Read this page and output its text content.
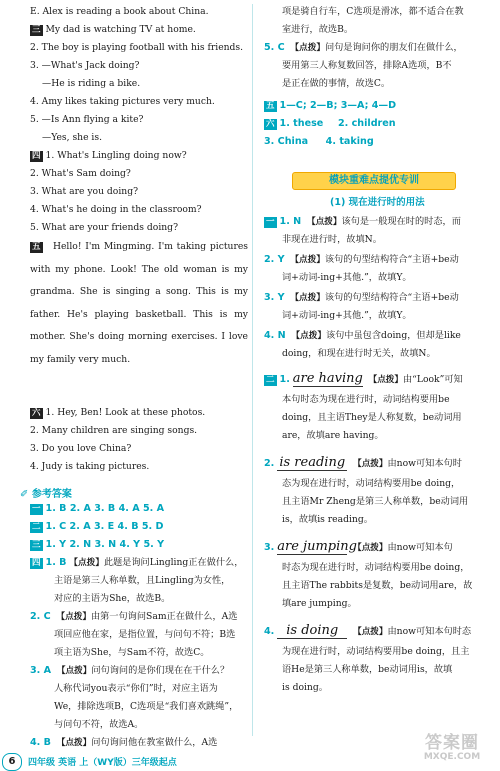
E. Alex is reading a book about China.
三 My dad is watching TV at home.
2. The boy is playing football with his friends.
3. —What's Jack doing?
—He is riding a bike.
4. Amy likes taking pictures very much.
5. —Is Ann flying a kite?
—Yes, she is.
四 1. What's Lingling doing now?
2. What's Sam doing?
3. What are you doing?
4. What's he doing in the classroom?
5. What are your friends doing?
五 Hello! I'm Mingming. I'm taking pictures with my phone. Look! The old woman is my grandma. She is singing a song. This is my father. He's playing basketball. This is my mother. She's doing morning exercises. I love my family very much.
六 1. Hey, Ben! Look at these photos.
2. Many children are singing songs.
3. Do you love China?
4. Judy is taking pictures.
✐ 参考答案
一 1. B 2. A 3. B 4. A 5. A
二 1. C 2. A 3. E 4. B 5. D
三 1. Y 2. N 3. N 4. Y 5. Y
四 1. B 【点拨】此题是询问Lingling正在做什么，
主语是第三人称单数，且Lingling为女性，
对应的主语为She，故选B。
2. C 【点拨】由第一句询问Sam正在做什么，A选
项回应他在家，是指位置，与问句不符；B选
项主语为She，与Sam不符，故选C。
3. A 【点拨】问句询问的是你们现在在干什么？
人称代词you表示“你们”时，对应主语为
We，排除选项B，C选项是“我们喜欢跳绳”，
与问句不符，故选A。
4. B 【点拨】问句询问他在教室做什么，A选
6	四年级 英语 上（WY版）三年级起点
项是骑自行车，C选项是滑冰，都不适合在教
室进行，故选B。
5. C 【点拨】问句是询问你的朋友们在做什么，
要用第三人称复数回答，排除A选项，B不
是正在做的事情，故选C。
五 1—C; 2—B; 3—A; 4—D
六 1. these 2. children
3. China 4. taking
模块重难点提优专训
(1) 现在进行时的用法
一 1. N 【点拨】该句是一般现在时的时态，而
非现在进行时，故填N。
2. Y 【点拨】该句的句型结构符合“主语+be动
词+动词-ing+其他.”，故填Y。
3. Y 【点拨】该句的句型结构符合“主语+be动
词+动词-ing+其他.”，故填Y。
4. N 【点拨】该句中虽包含doing，但却是like
doing，和现在进行时无关，故填N。
二 1. are having 【点拨】由“Look”可知
本句时态为现在进行时，动词结构要用be
doing，且主语They是人称复数，be动词用
are，故填are having。
2. is reading 【点拨】由now可知本句时
态为现在进行时，动词结构要用be doing，
且主语Mr Zheng是第三人称单数，be动词用
is，故填is reading。
3. are jumping  【点拨】由now可知本句
时态为现在进行时，动词结构要用be doing，
且主语The rabbits是复数，be动词用are，故
填are jumping。
4. is doing 【点拨】由now可知本句时态
为现在进行时，动词结构要用be doing，且主
语He是第三人称单数，be动词用is，故填
is doing。
答案圈
MXQE.COM
